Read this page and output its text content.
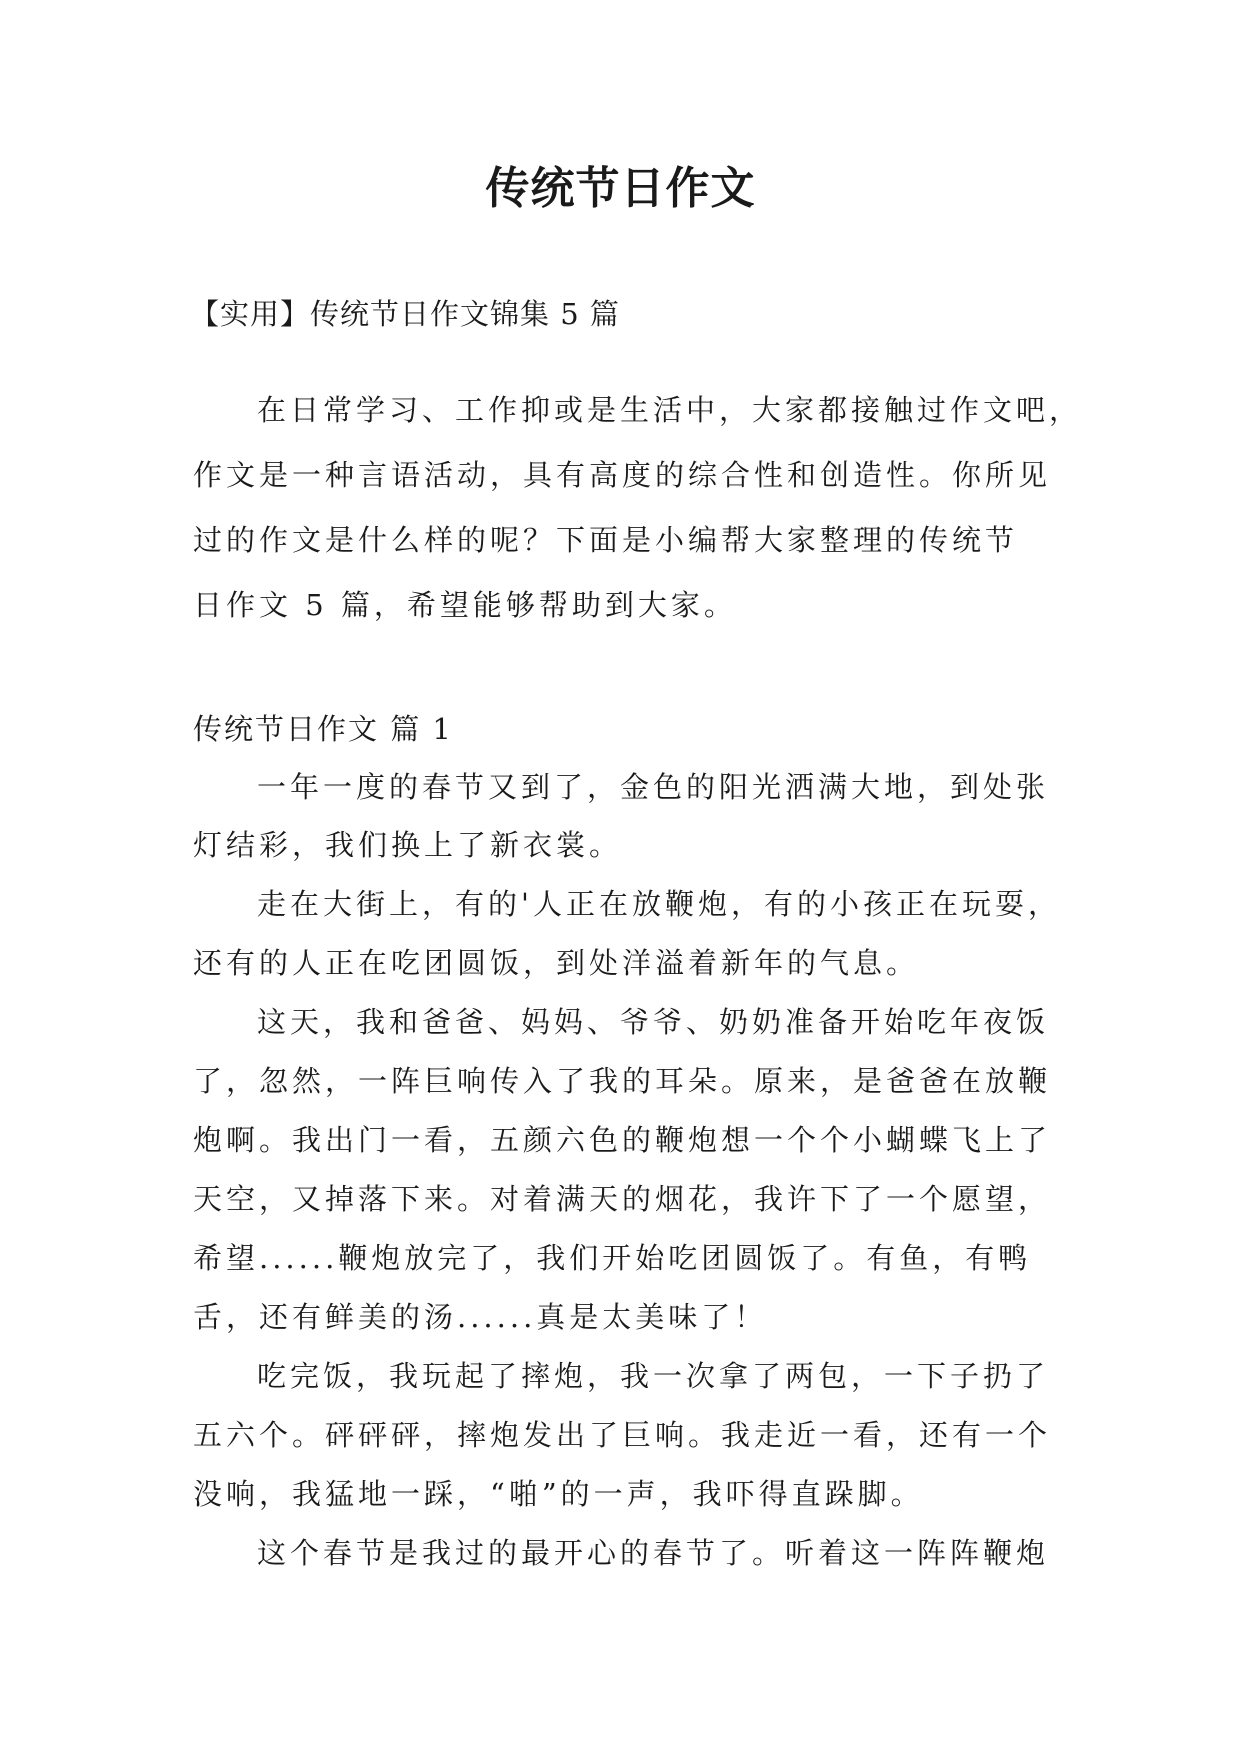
传统节日作文
【实用】传统节日作文锦集 5 篇
在日常学习、工作抑或是生活中，大家都接触过作文吧，
作文是一种言语活动，具有高度的综合性和创造性。你所见
过的作文是什么样的呢？下面是小编帮大家整理的传统节
日作文 5 篇，希望能够帮助到大家。
传统节日作文 篇 1
一年一度的春节又到了，金色的阳光洒满大地，到处张
灯结彩，我们换上了新衣裳。
走在大街上，有的'人正在放鞭炮，有的小孩正在玩耍，
还有的人正在吃团圆饭，到处洋溢着新年的气息。
这天，我和爸爸、妈妈、爷爷、奶奶准备开始吃年夜饭
了，忽然，一阵巨响传入了我的耳朵。原来，是爸爸在放鞭
炮啊。我出门一看，五颜六色的鞭炮想一个个小蝴蝶飞上了
天空，又掉落下来。对着满天的烟花，我许下了一个愿望，
希望......鞭炮放完了，我们开始吃团圆饭了。有鱼，有鸭
舌，还有鲜美的汤......真是太美味了！
吃完饭，我玩起了摔炮，我一次拿了两包，一下子扔了
五六个。砰砰砰，摔炮发出了巨响。我走近一看，还有一个
没响，我猛地一踩，“啪”的一声，我吓得直跺脚。
这个春节是我过的最开心的春节了。听着这一阵阵鞭炮
